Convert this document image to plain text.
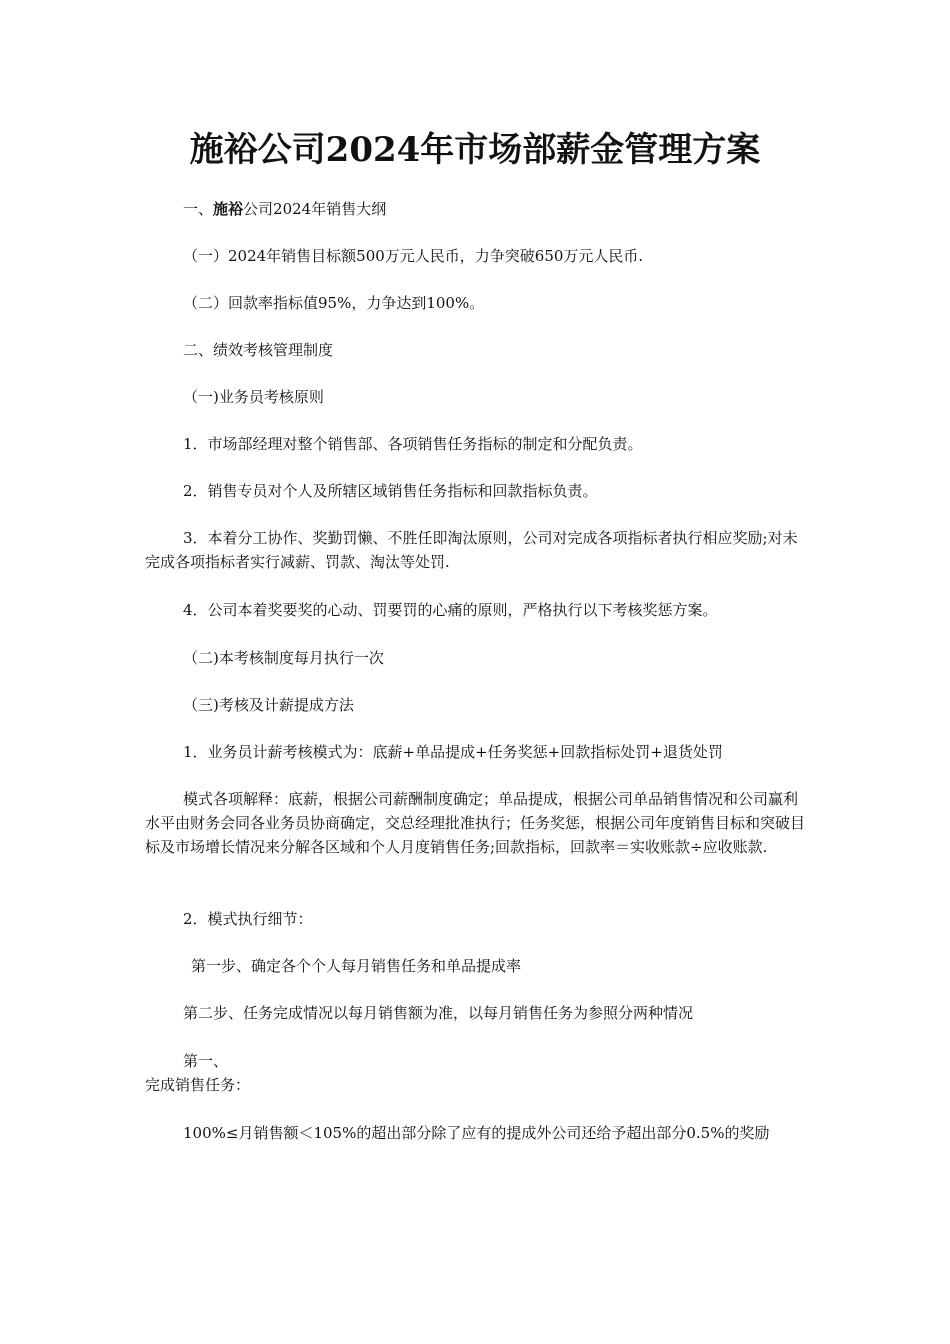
施裕公司2024年市场部薪金管理方案
一、施裕公司2024年销售大纲
（一）2024年销售目标额500万元人民币，力争突破650万元人民币.
（二）回款率指标值95%，力争达到100%。
二、绩效考核管理制度
（一)业务员考核原则
1．市场部经理对整个销售部、各项销售任务指标的制定和分配负责。
2．销售专员对个人及所辖区域销售任务指标和回款指标负责。
3．本着分工协作、奖勤罚懒、不胜任即淘汰原则，公司对完成各项指标者执行相应奖励;对未完成各项指标者实行减薪、罚款、淘汰等处罚.
4．公司本着奖要奖的心动、罚要罚的心痛的原则，严格执行以下考核奖惩方案。
（二)本考核制度每月执行一次
（三)考核及计薪提成方法
1．业务员计薪考核模式为：底薪+单品提成+任务奖惩+回款指标处罚+退货处罚
模式各项解释：底薪，根据公司薪酬制度确定；单品提成，根据公司单品销售情况和公司赢利水平由财务会同各业务员协商确定，交总经理批准执行；任务奖惩，根据公司年度销售目标和突破目标及市场增长情况来分解各区域和个人月度销售任务;回款指标，回款率＝实收账款÷应收账款.
2．模式执行细节：
第一步、确定各个个人每月销售任务和单品提成率
第二步、任务完成情况以每月销售额为准，以每月销售任务为参照分两种情况
第一、
完成销售任务：
100%≤月销售额＜105%的超出部分除了应有的提成外公司还给予超出部分0.5%的奖励
